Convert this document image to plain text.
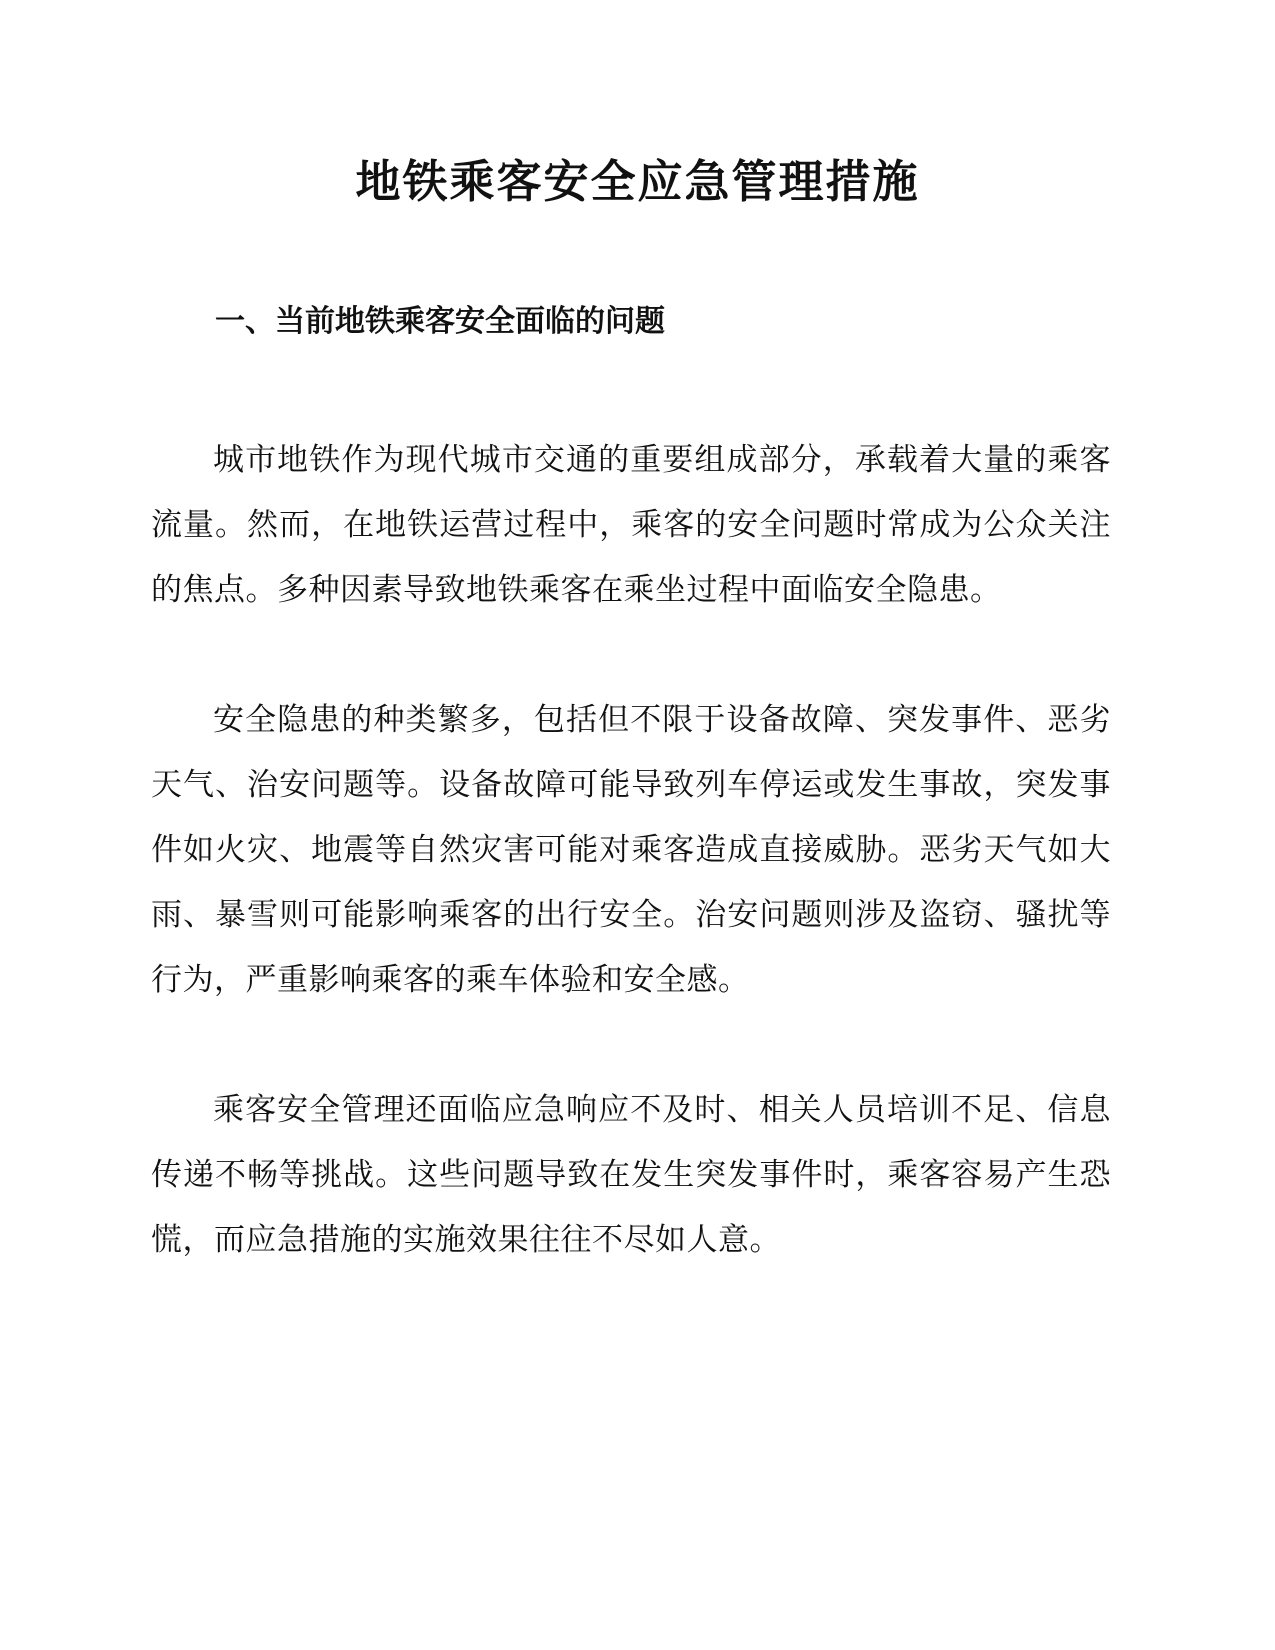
地铁乘客安全应急管理措施
一、当前地铁乘客安全面临的问题

城市地铁作为现代城市交通的重要组成部分，承载着大量的乘客流量。然而，在地铁运营过程中，乘客的安全问题时常成为公众关注的焦点。多种因素导致地铁乘客在乘坐过程中面临安全隐患。

安全隐患的种类繁多，包括但不限于设备故障、突发事件、恶劣天气、治安问题等。设备故障可能导致列车停运或发生事故，突发事件如火灾、地震等自然灾害可能对乘客造成直接威胁。恶劣天气如大雨、暴雪则可能影响乘客的出行安全。治安问题则涉及盗窃、骚扰等行为，严重影响乘客的乘车体验和安全感。

乘客安全管理还面临应急响应不及时、相关人员培训不足、信息传递不畅等挑战。这些问题导致在发生突发事件时，乘客容易产生恐慌，而应急措施的实施效果往往不尽如人意。
